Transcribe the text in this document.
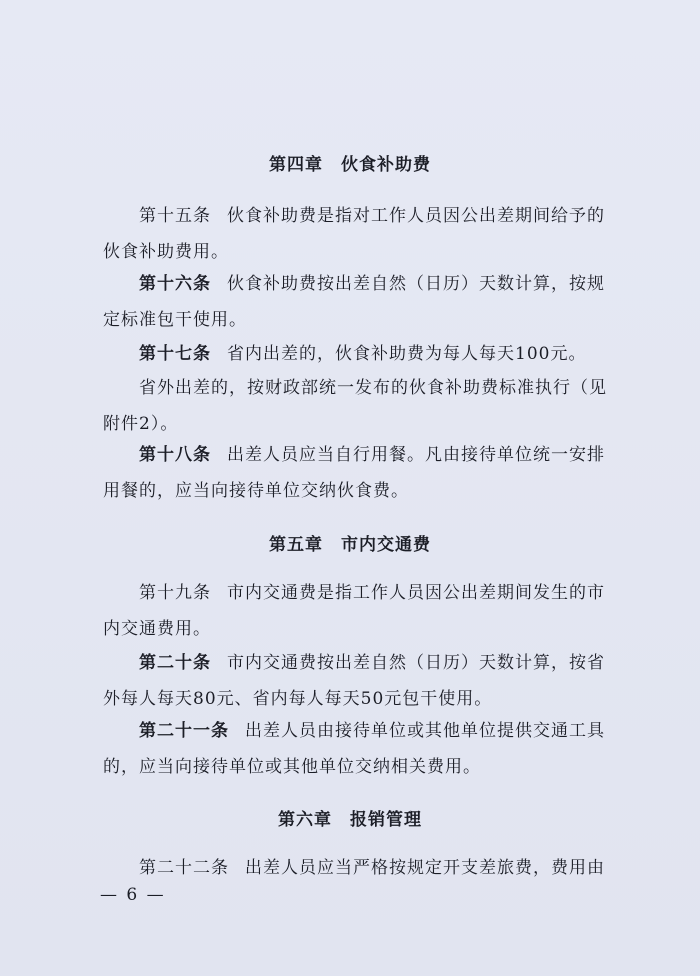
第四章 伙食补助费

第十五条 伙食补助费是指对工作人员因公出差期间给予的伙食补助费用。

第十六条 伙食补助费按出差自然（日历）天数计算，按规定标准包干使用。

第十七条 省内出差的，伙食补助费为每人每天100元。

省外出差的，按财政部统一发布的伙食补助费标准执行（见附件2）。

第十八条 出差人员应当自行用餐。凡由接待单位统一安排用餐的，应当向接待单位交纳伙食费。

第五章 市内交通费

第十九条 市内交通费是指工作人员因公出差期间发生的市内交通费用。

第二十条 市内交通费按出差自然（日历）天数计算，按省外每人每天80元、省内每人每天50元包干使用。

第二十一条 出差人员由接待单位或其他单位提供交通工具的，应当向接待单位或其他单位交纳相关费用。

第六章 报销管理

第二十二条 出差人员应当严格按规定开支差旅费，费用由

— 6 —
